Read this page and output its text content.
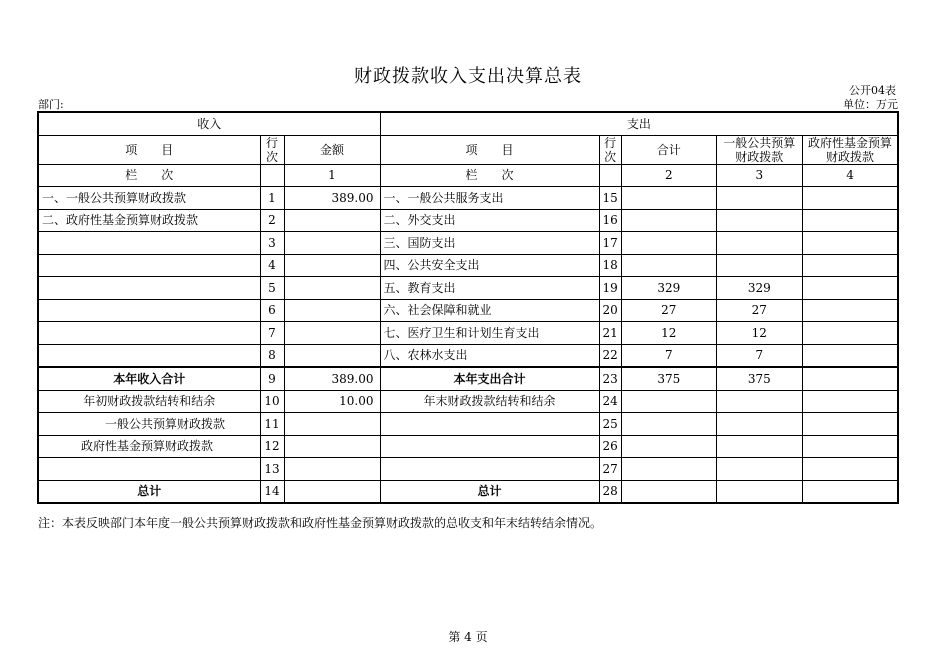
财政拨款收入支出决算总表
公开04表
部门:	单位：万元
收入			支出				
项　　目	行次	金额	项　　目	行次	合计	一般公共预算财政拨款	政府性基金预算财政拨款
栏　　次		1	栏　　次		2	3	4
一、一般公共预算财政拨款	1	389.00	一、一般公共服务支出	15			
二、政府性基金预算财政拨款	2		二、外交支出	16			
	3		三、国防支出	17			
	4		四、公共安全支出	18			
	5		五、教育支出	19	329	329	
	6		六、社会保障和就业	20	27	27	
	7		七、医疗卫生和计划生育支出	21	12	12	
	8		八、农林水支出	22	7	7	
本年收入合计	9	389.00	本年支出合计	23	375	375	
年初财政拨款结转和结余	10	10.00	年末财政拨款结转和结余	24			
一般公共预算财政拨款	11			25			
政府性基金预算财政拨款	12			26			
	13			27			
总计	14		总计	28			
注：本表反映部门本年度一般公共预算财政拨款和政府性基金预算财政拨款的总收支和年末结转结余情况。
第 4 页
